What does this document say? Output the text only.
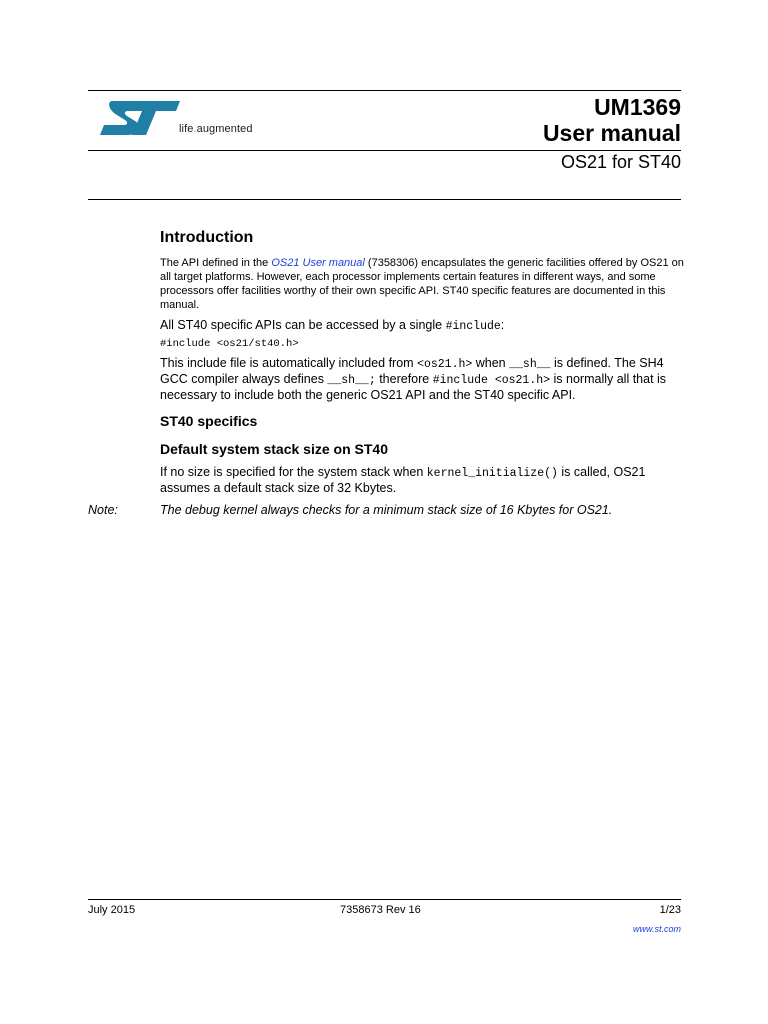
life.augmented
UM1369
User manual
OS21 for ST40
Introduction
The API defined in the OS21 User manual (7358306) encapsulates the generic facilities offered by OS21 on all target platforms. However, each processor implements certain features in different ways, and some processors offer facilities worthy of their own specific API. ST40 specific features are documented in this manual.
All ST40 specific APIs can be accessed by a single #include:
#include <os21/st40.h>
This include file is automatically included from <os21.h> when __sh__ is defined. The SH4 GCC compiler always defines __sh__; therefore #include <os21.h> is normally all that is necessary to include both the generic OS21 API and the ST40 specific API.
ST40 specifics
Default system stack size on ST40
If no size is specified for the system stack when kernel_initialize() is called, OS21 assumes a default stack size of 32 Kbytes.
Note:	The debug kernel always checks for a minimum stack size of 16 Kbytes for OS21.
July 2015	7358673 Rev 16	1/23
www.st.com
